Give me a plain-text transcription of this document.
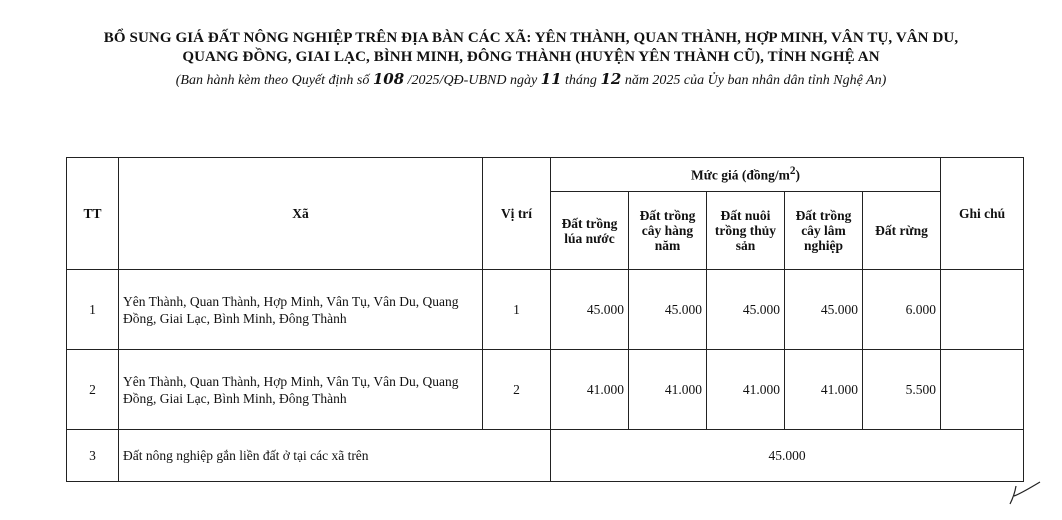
BỔ SUNG GIÁ ĐẤT NÔNG NGHIỆP TRÊN ĐỊA BÀN CÁC XÃ: YÊN THÀNH, QUAN THÀNH, HỢP MINH, VÂN TỤ, VÂN DU,
QUANG ĐỒNG, GIAI LẠC, BÌNH MINH, ĐÔNG THÀNH (HUYỆN YÊN THÀNH CŨ), TỈNH NGHỆ AN
(Ban hành kèm theo Quyết định số 108 /2025/QĐ-UBND ngày 11 tháng 12 năm 2025 của Ủy ban nhân dân tỉnh Nghệ An)
TT	Xã	Vị trí	Mức giá $(đồng/m^2)$					Ghi chú
			Đất trồng lúa nước	Đất trồng cây hàng năm	Đất nuôi trồng thủy sản	Đất trồng cây lâm nghiệp	Đất rừng	
1	Yên Thành, Quan Thành, Hợp Minh, Vân Tụ, Vân Du, Quang Đồng, Giai Lạc, Bình Minh, Đông Thành	1	45.000	45.000	45.000	45.000	6.000	
2	Yên Thành, Quan Thành, Hợp Minh, Vân Tụ, Vân Du, Quang Đồng, Giai Lạc, Bình Minh, Đông Thành	2	41.000	41.000	41.000	41.000	5.500	
3	Đất nông nghiệp gắn liền đất ở tại các xã trên		45.000					
